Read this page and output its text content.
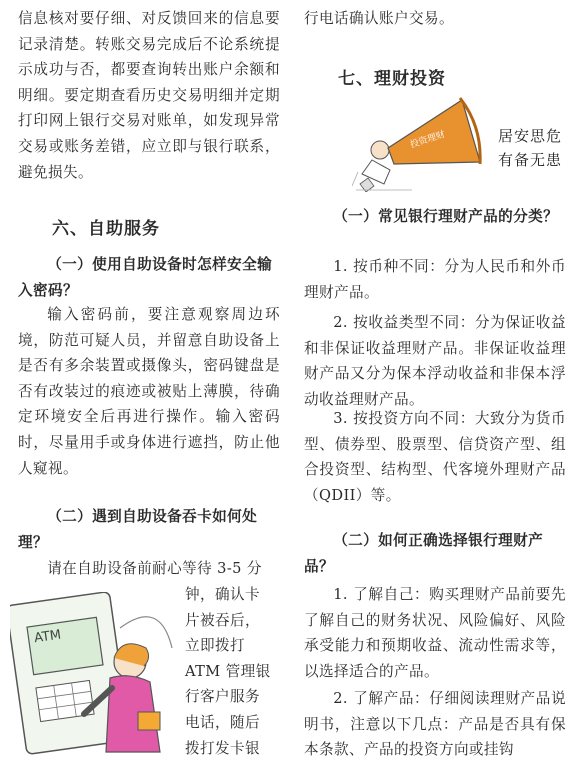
信息核对要仔细、对反馈回来的信息要记录清楚。转账交易完成后不论系统提示成功与否，都要查询转出账户余额和明细。要定期查看历史交易明细并定期打印网上银行交易对账单，如发现异常交易或账务差错，应立即与银行联系，避免损失。

六、自助服务

（一）使用自助设备时怎样安全输入密码？

输入密码前，要注意观察周边环境，防范可疑人员，并留意自助设备上是否有多余装置或摄像头，密码键盘是否有改装过的痕迹或被贴上薄膜，待确定环境安全后再进行操作。输入密码时，尽量用手或身体进行遮挡，防止他人窥视。

（二）遇到自助设备吞卡如何处理？

请在自助设备前耐心等待 3-5 分

钟，确认卡
片被吞后，
立即拨打
ATM 管理银
行客户服务
电话，随后
拨打发卡银
ATM

行电话确认账户交易。

七、理财投资
投资理财	居安思危
有备无患

（一）常见银行理财产品的分类？

1. 按币种不同：分为人民币和外币理财产品。

2. 按收益类型不同：分为保证收益和非保证收益理财产品。非保证收益理财产品又分为保本浮动收益和非保本浮动收益理财产品。

3. 按投资方向不同：大致分为货币型、债券型、股票型、信贷资产型、组合投资型、结构型、代客境外理财产品（QDII）等。

（二）如何正确选择银行理财产品？

1. 了解自己：购买理财产品前要先了解自己的财务状况、风险偏好、风险承受能力和预期收益、流动性需求等，以选择适合的产品。

2. 了解产品：仔细阅读理财产品说明书，注意以下几点：产品是否具有保本条款、产品的投资方向或挂钩
